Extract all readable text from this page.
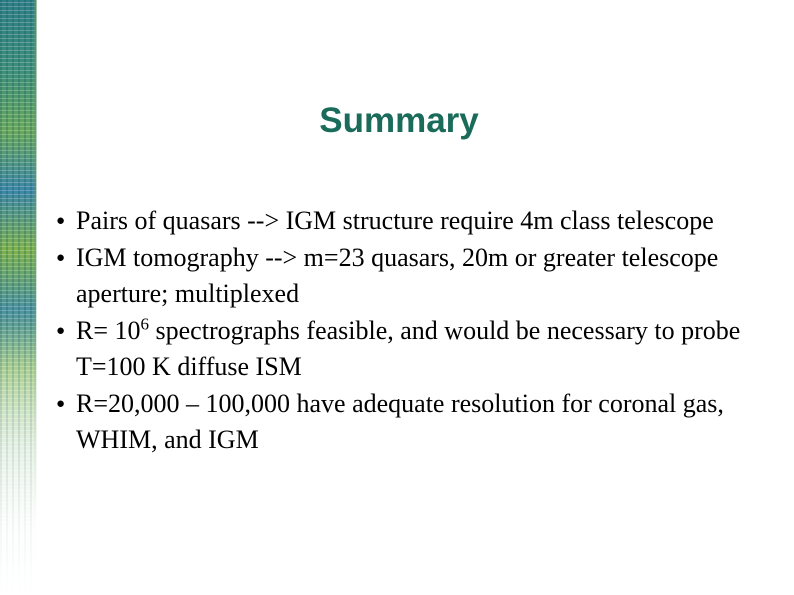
Summary
● Pairs of quasars --> IGM structure require 4m class telescope
● IGM tomography --> m=23 quasars, 20m or greater telescope aperture; multiplexed
● $R= 10^6$ spectrographs feasible, and would be necessary to probe T=100 K diffuse ISM
● R=20,000 – 100,000 have adequate resolution for coronal gas, WHIM, and IGM
